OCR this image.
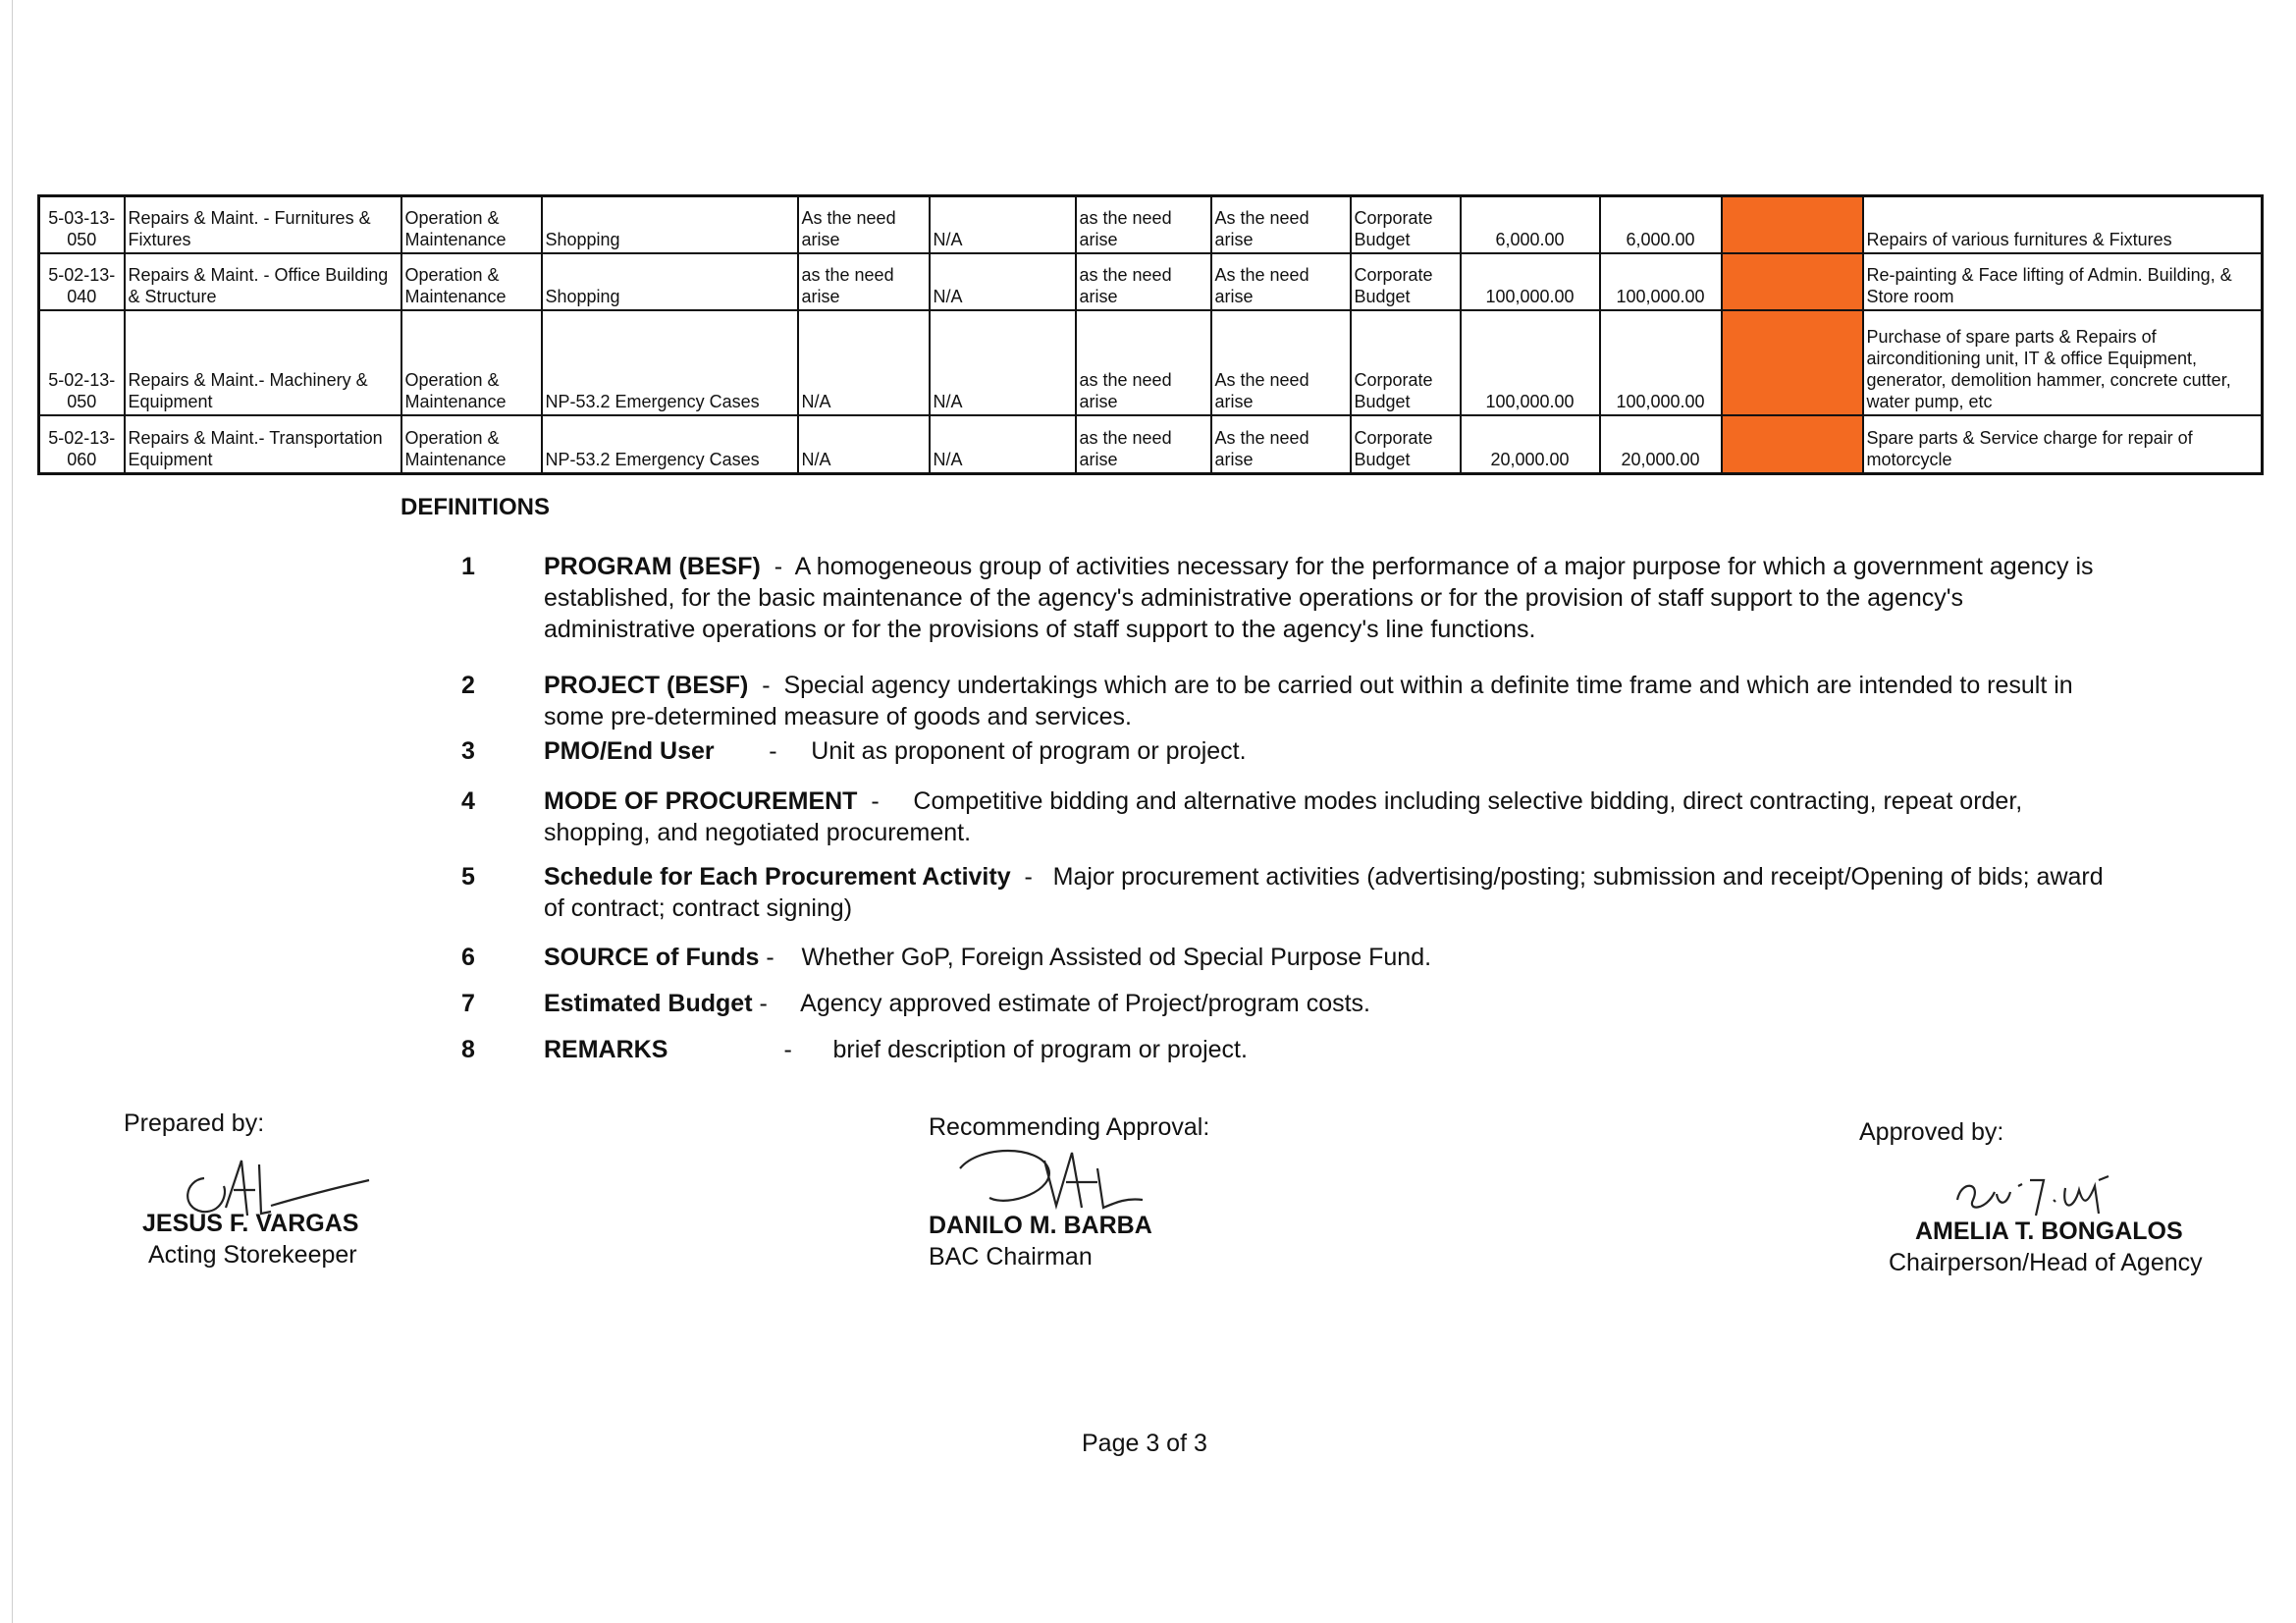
5-03-13-
050	Repairs & Maint. - Furnitures &
Fixtures	Operation &
Maintenance	Shopping	As the need
arise	N/A	as the need
arise	As the need
arise	Corporate
Budget	6,000.00	6,000.00		Repairs of various furnitures & Fixtures
5-02-13-
040	Repairs & Maint. - Office Building
& Structure	Operation &
Maintenance	Shopping	as the need
arise	N/A	as the need
arise	As the need
arise	Corporate
Budget	100,000.00	100,000.00		Re-painting & Face lifting of Admin. Building, &
Store room
5-02-13-
050	Repairs & Maint.- Machinery &
Equipment	Operation &
Maintenance	NP-53.2 Emergency Cases	N/A	N/A	as the need
arise	As the need
arise	Corporate
Budget	100,000.00	100,000.00		Purchase of spare parts & Repairs of
airconditioning unit, IT & office Equipment,
generator, demolition hammer, concrete cutter,
water pump, etc
5-02-13-
060	Repairs & Maint.- Transportation
Equipment	Operation &
Maintenance	NP-53.2 Emergency Cases	N/A	N/A	as the need
arise	As the need
arise	Corporate
Budget	20,000.00	20,000.00		Spare parts & Service charge for repair of
motorcycle
DEFINITIONS
1	PROGRAM (BESF)  -  A homogeneous group of activities necessary for the performance of a major purpose for which a government agency is established, for the basic maintenance of the agency's administrative operations or for the provision of staff support to the agency's administrative operations or for the provisions of staff support to the agency's line functions.
2	PROJECT (BESF)  -  Special agency undertakings which are to be carried out within a definite time frame and which are intended to result in some pre-determined measure of goods and services.
3	PMO/End User        -     Unit as proponent of program or project.
4	MODE OF PROCUREMENT  -     Competitive bidding and alternative modes including selective bidding, direct contracting, repeat order, shopping, and negotiated procurement.
5	Schedule for Each Procurement Activity  -   Major procurement activities (advertising/posting; submission and receipt/Opening of bids; award of contract; contract signing)
6	SOURCE of Funds -    Whether GoP, Foreign Assisted od Special Purpose Fund.
7	Estimated Budget -     Agency approved estimate of Project/program costs.
8	REMARKS                 -      brief description of program or project.
Prepared by:
JESUS F. VARGAS
Acting Storekeeper
Recommending Approval:
DANILO M. BARBA
BAC Chairman
Approved by:
AMELIA T. BONGALOS
Chairperson/Head of Agency
Page 3 of 3
